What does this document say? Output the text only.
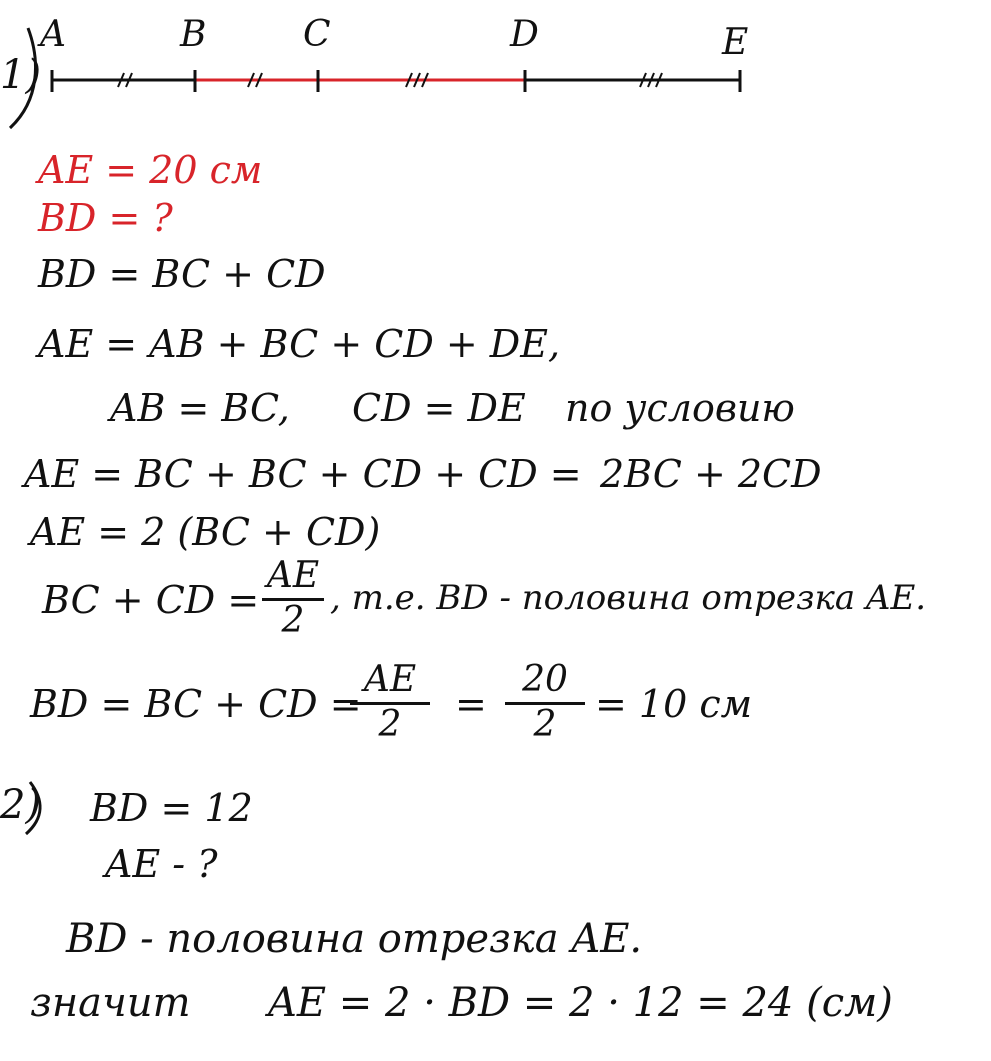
1)
A	B	C	D	E
AE = 20 см
BD = ?
BD = BC + CD
AE = AB + BC + CD + DE,
AB = BC, CD = DE по условию
AE = BC + BC + CD + CD = 2BC + 2CD
AE = 2 (BC + CD)
BC + CD =
AE
2
, т.е. BD - половина отрезка AE.
BD = BC + CD =
AE
2	=
20
2	= 10 см
2) BD = 12
AE - ?
BD - половина отрезка AE.
значит AE = 2 · BD = 2 · 12 = 24 (см)
